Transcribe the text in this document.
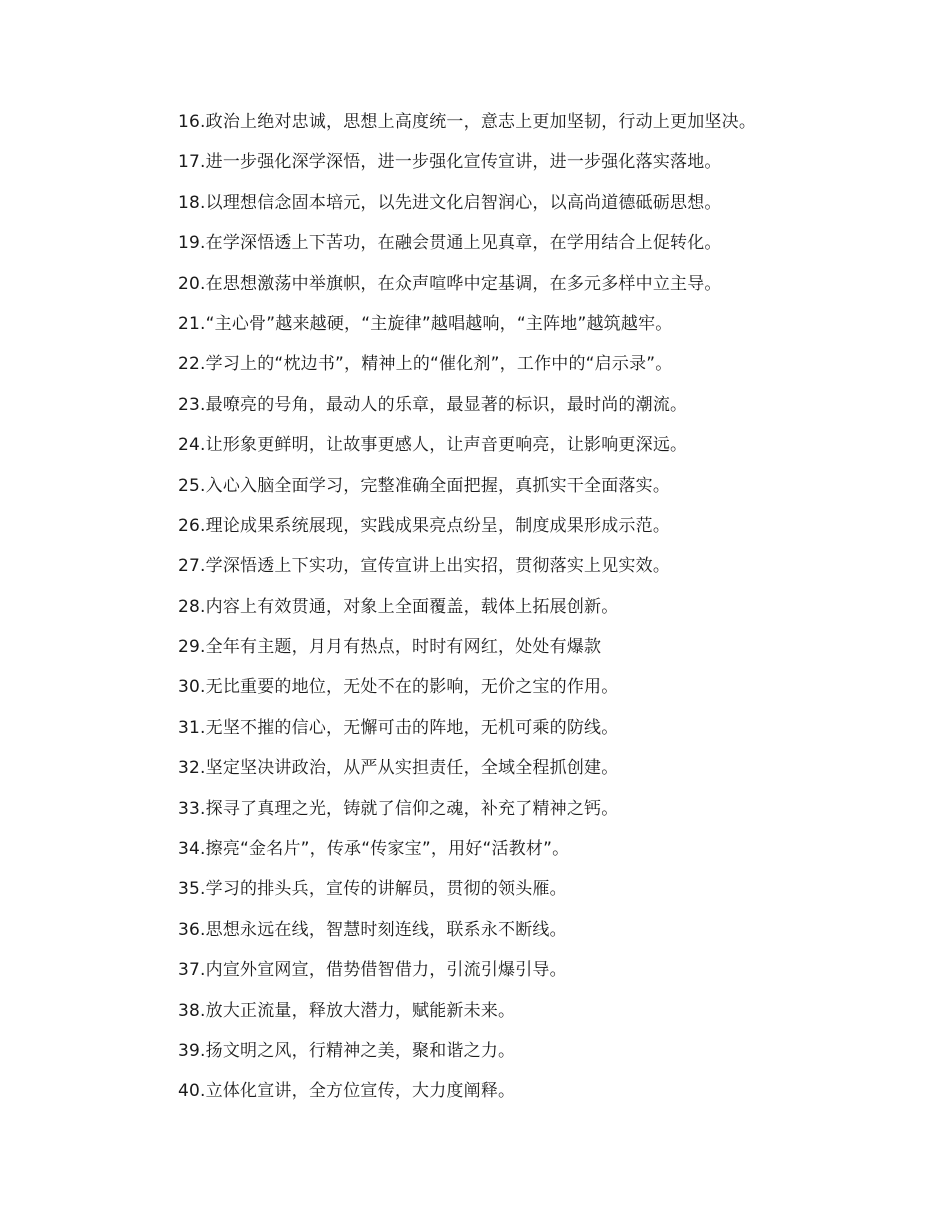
16.政治上绝对忠诚，思想上高度统一，意志上更加坚韧，行动上更加坚决。
17.进一步强化深学深悟，进一步强化宣传宣讲，进一步强化落实落地。
18.以理想信念固本培元，以先进文化启智润心，以高尚道德砥砺思想。
19.在学深悟透上下苦功，在融会贯通上见真章，在学用结合上促转化。
20.在思想激荡中举旗帜，在众声喧哗中定基调，在多元多样中立主导。
21.“主心骨”越来越硬，“主旋律”越唱越响，“主阵地”越筑越牢。
22.学习上的“枕边书”，精神上的“催化剂”，工作中的“启示录”。
23.最嘹亮的号角，最动人的乐章，最显著的标识，最时尚的潮流。
24.让形象更鲜明，让故事更感人，让声音更响亮，让影响更深远。
25.入心入脑全面学习，完整准确全面把握，真抓实干全面落实。
26.理论成果系统展现，实践成果亮点纷呈，制度成果形成示范。
27.学深悟透上下实功，宣传宣讲上出实招，贯彻落实上见实效。
28.内容上有效贯通，对象上全面覆盖，载体上拓展创新。
29.全年有主题，月月有热点，时时有网红，处处有爆款
30.无比重要的地位，无处不在的影响，无价之宝的作用。
31.无坚不摧的信心，无懈可击的阵地，无机可乘的防线。
32.坚定坚决讲政治，从严从实担责任，全域全程抓创建。
33.探寻了真理之光，铸就了信仰之魂，补充了精神之钙。
34.擦亮“金名片”，传承“传家宝”，用好“活教材”。
35.学习的排头兵，宣传的讲解员，贯彻的领头雁。
36.思想永远在线，智慧时刻连线，联系永不断线。
37.内宣外宣网宣，借势借智借力，引流引爆引导。
38.放大正流量，释放大潜力，赋能新未来。
39.扬文明之风，行精神之美，聚和谐之力。
40.立体化宣讲，全方位宣传，大力度阐释。
